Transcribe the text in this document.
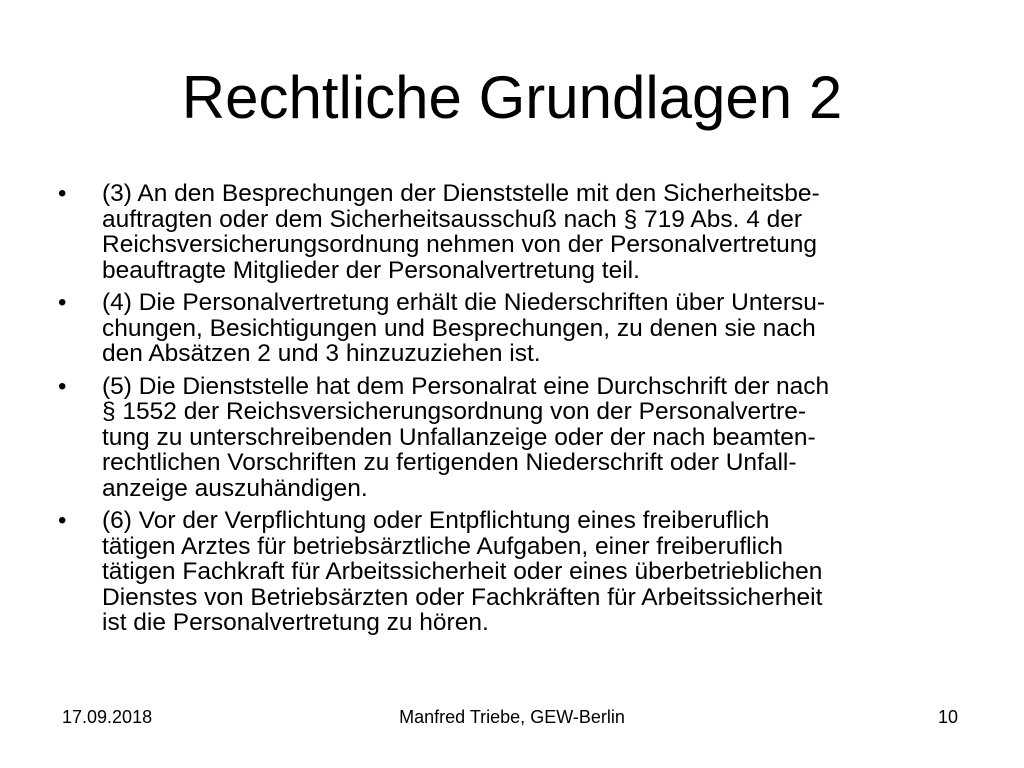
Rechtliche Grundlagen 2
• (3) An den Besprechungen der Dienststelle mit den Sicherheitsbe-
auftragten oder dem Sicherheitsausschuß nach § 719 Abs. 4 der
Reichsversicherungsordnung nehmen von der Personalvertretung
beauftragte Mitglieder der Personalvertretung teil.
• (4) Die Personalvertretung erhält die Niederschriften über Untersu-
chungen, Besichtigungen und Besprechungen, zu denen sie nach
den Absätzen 2 und 3 hinzuzuziehen ist.
• (5) Die Dienststelle hat dem Personalrat eine Durchschrift der nach
§ 1552 der Reichsversicherungsordnung von der Personalvertre-
tung zu unterschreibenden Unfallanzeige oder der nach beamten-
rechtlichen Vorschriften zu fertigenden Niederschrift oder Unfall-
anzeige auszuhändigen.
• (6) Vor der Verpflichtung oder Entpflichtung eines freiberuflich
tätigen Arztes für betriebsärztliche Aufgaben, einer freiberuflich
tätigen Fachkraft für Arbeitssicherheit oder eines überbetrieblichen
Dienstes von Betriebsärzten oder Fachkräften für Arbeitssicherheit
ist die Personalvertretung zu hören.
17.09.2018	Manfred Triebe, GEW-Berlin	10
